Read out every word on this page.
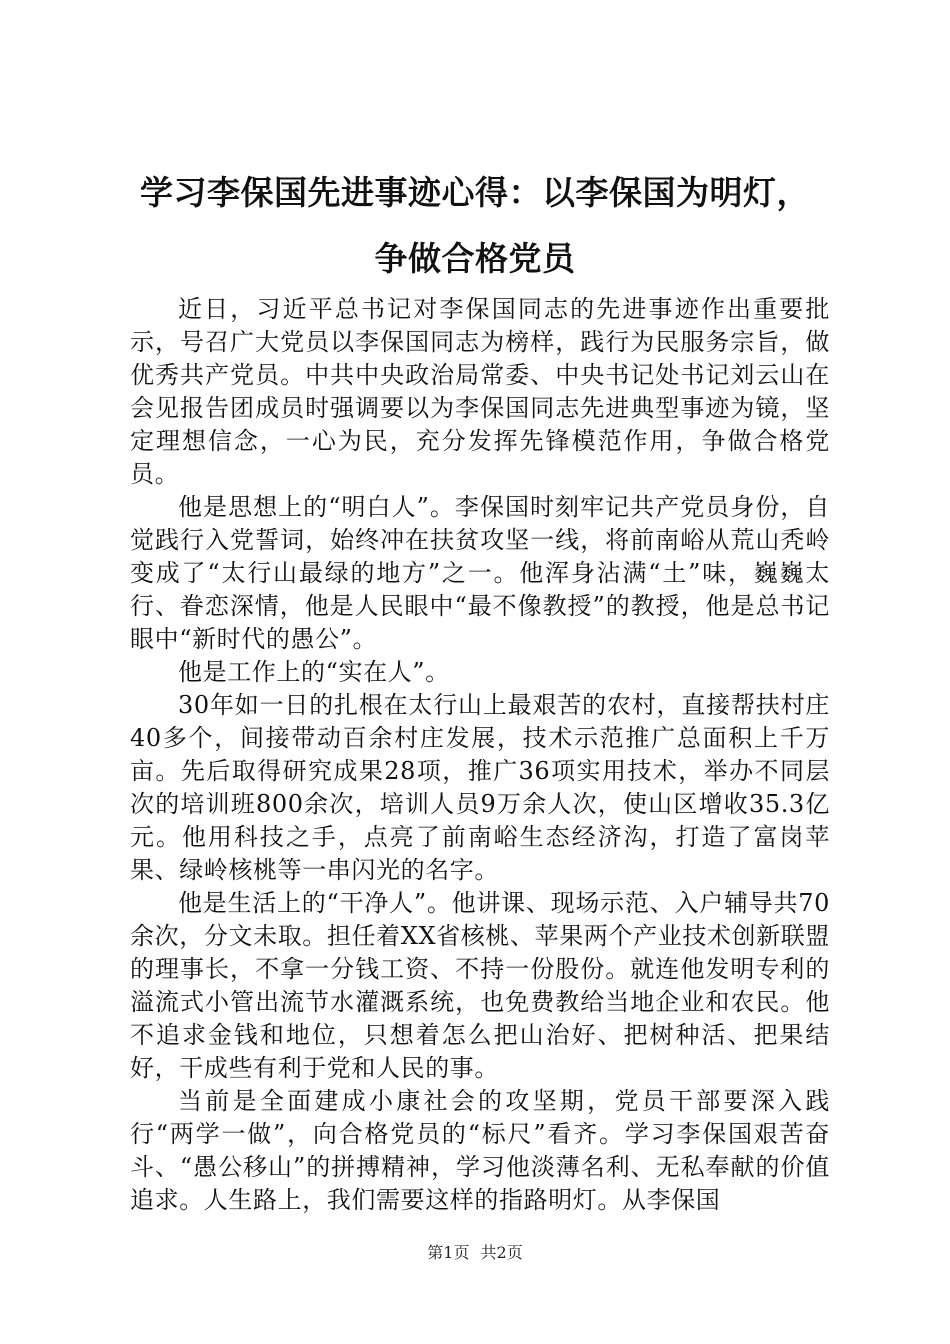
学习李保国先进事迹心得：以李保国为明灯，
争做合格党员

近日，习近平总书记对李保国同志的先进事迹作出重要批示，号召广大党员以李保国同志为榜样，践行为民服务宗旨，做优秀共产党员。中共中央政治局常委、中央书记处书记刘云山在会见报告团成员时强调要以为李保国同志先进典型事迹为镜，坚定理想信念，一心为民，充分发挥先锋模范作用，争做合格党员。

他是思想上的“明白人”。李保国时刻牢记共产党员身份，自觉践行入党誓词，始终冲在扶贫攻坚一线，将前南峪从荒山秃岭变成了“太行山最绿的地方”之一。他浑身沾满“土”味，巍巍太行、眷恋深情，他是人民眼中“最不像教授”的教授，他是总书记眼中“新时代的愚公”。

他是工作上的“实在人”。

30年如一日的扎根在太行山上最艰苦的农村，直接帮扶村庄40多个，间接带动百余村庄发展，技术示范推广总面积上千万亩。先后取得研究成果28项，推广36项实用技术，举办不同层次的培训班800余次，培训人员9万余人次，使山区增收35.3亿元。他用科技之手，点亮了前南峪生态经济沟，打造了富岗苹果、绿岭核桃等一串闪光的名字。

他是生活上的“干净人”。他讲课、现场示范、入户辅导共70余次，分文未取。担任着XX省核桃、苹果两个产业技术创新联盟的理事长，不拿一分钱工资、不持一份股份。就连他发明专利的溢流式小管出流节水灌溉系统，也免费教给当地企业和农民。他不追求金钱和地位，只想着怎么把山治好、把树种活、把果结好，干成些有利于党和人民的事。

当前是全面建成小康社会的攻坚期，党员干部要深入践行“两学一做”，向合格党员的“标尺”看齐。学习李保国艰苦奋斗、“愚公移山”的拼搏精神，学习他淡薄名利、无私奉献的价值追求。人生路上，我们需要这样的指路明灯。从李保国

第1页 共2页
